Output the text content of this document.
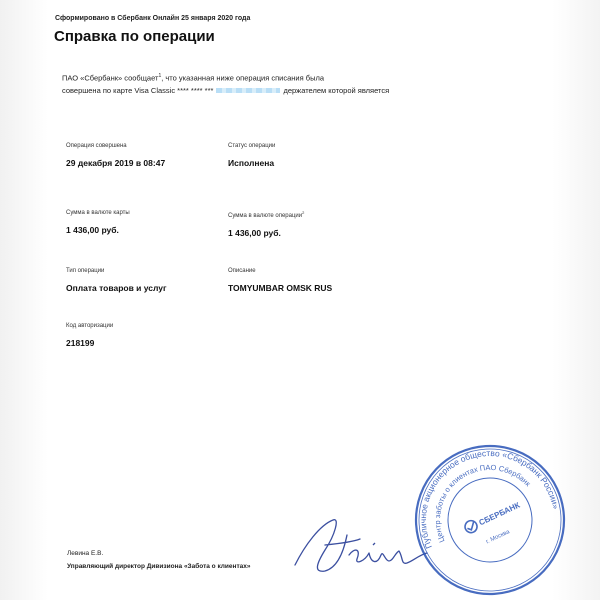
Сформировано в Сбербанк Онлайн 25 января 2020 года
Справка по операции
ПАО «Сбербанк» сообщает$^1$, что указанная ниже операция списания была
совершена по карте Visa Classic **** **** ***	держателем которой является
Операция совершена
29 декабря 2019 в 08:47
Статус операции
Исполнена
Сумма в валюте карты
1 436,00 руб.
Сумма в валюте операции$^2$
1 436,00 руб.
Тип операции
Оплата товаров и услуг
Описание
TOMYUMBAR OMSK RUS
Код авторизации
218199
Левина Е.В.
Управляющий директор Дивизиона «Забота о клиентах»
Публичное акционерное общество «Сбербанк России»
Центр заботы о клиентах ПАО Сбербанк
СБЕРБАНК
г. Москва
